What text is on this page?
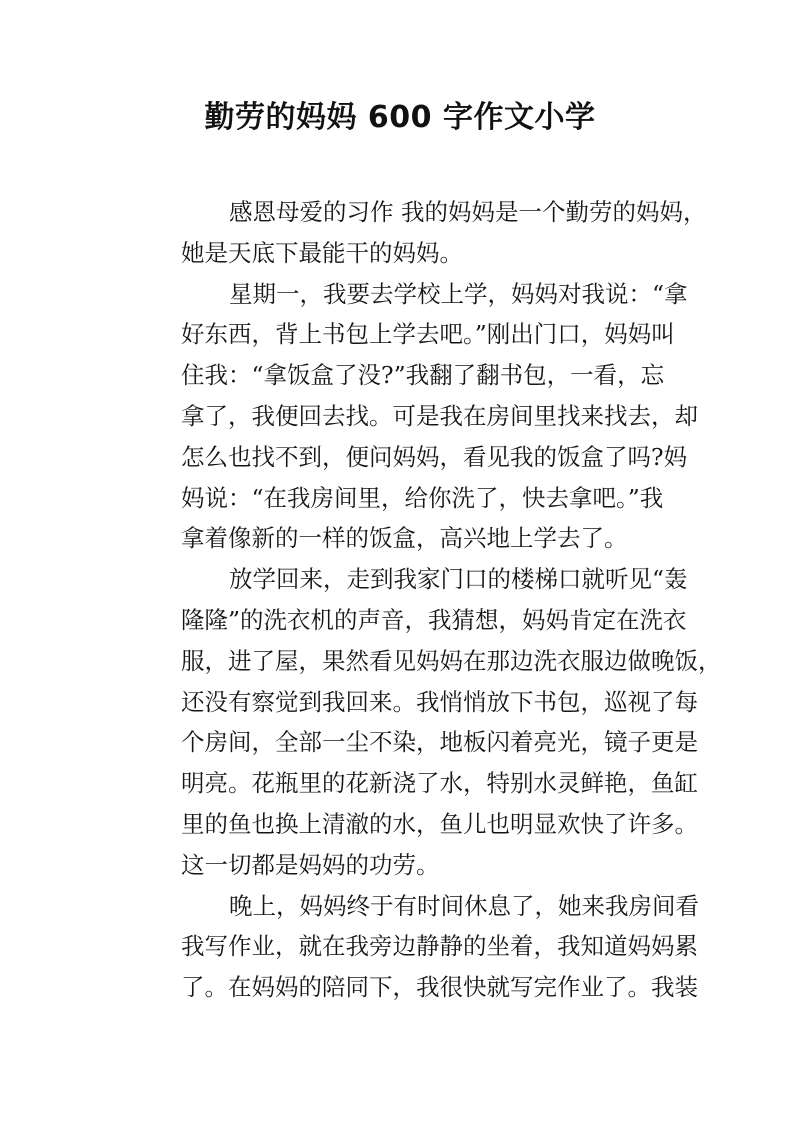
勤劳的妈妈 600 字作文小学
感恩母爱的习作 我的妈妈是一个勤劳的妈妈，
她是天底下最能干的妈妈。
星期一，我要去学校上学，妈妈对我说：“拿
好东西，背上书包上学去吧。”刚出门口，妈妈叫
住我：“拿饭盒了没?”我翻了翻书包，一看，忘
拿了，我便回去找。可是我在房间里找来找去，却
怎么也找不到，便问妈妈，看见我的饭盒了吗?妈
妈说：“在我房间里，给你洗了，快去拿吧。”我
拿着像新的一样的饭盒，高兴地上学去了。
放学回来，走到我家门口的楼梯口就听见“轰
隆隆”的洗衣机的声音，我猜想，妈妈肯定在洗衣
服，进了屋，果然看见妈妈在那边洗衣服边做晚饭，
还没有察觉到我回来。我悄悄放下书包，巡视了每
个房间，全部一尘不染，地板闪着亮光，镜子更是
明亮。花瓶里的花新浇了水，特别水灵鲜艳，鱼缸
里的鱼也换上清澈的水，鱼儿也明显欢快了许多。
这一切都是妈妈的功劳。
晚上，妈妈终于有时间休息了，她来我房间看
我写作业，就在我旁边静静的坐着，我知道妈妈累
了。在妈妈的陪同下，我很快就写完作业了。我装
